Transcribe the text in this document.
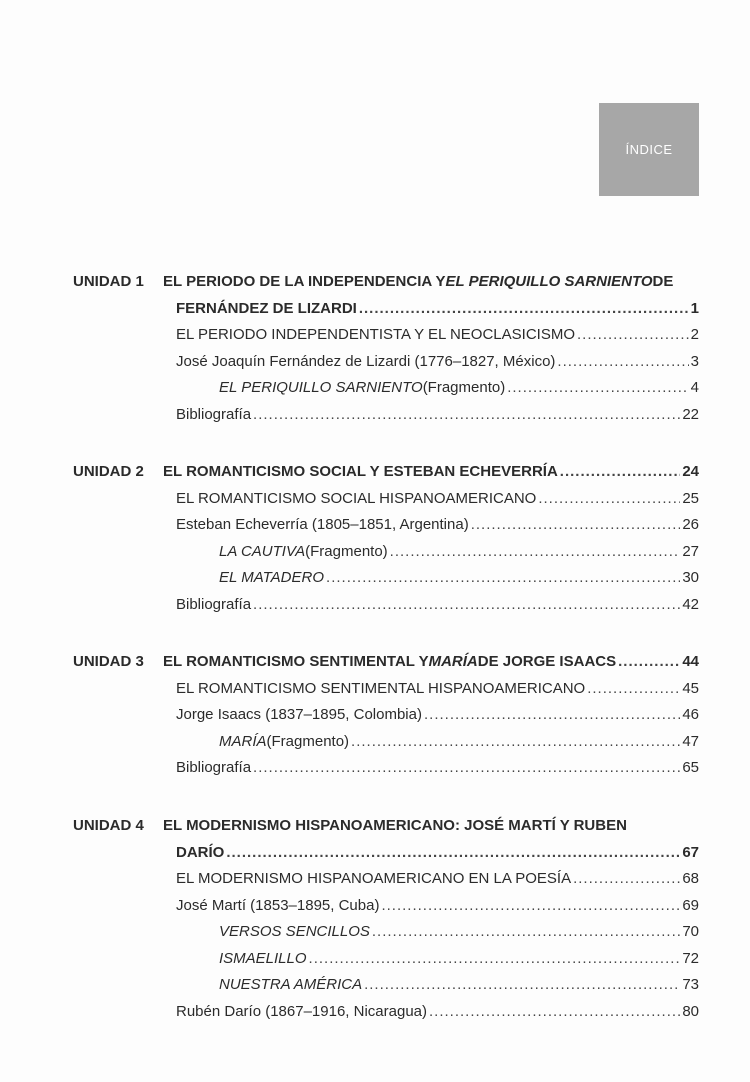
ÍNDICE
UNIDAD 1 EL PERIODO DE LA INDEPENDENCIA Y EL PERIQUILLO SARNIENTO DE
FERNÁNDEZ DE LIZARDI .....	1
EL PERIODO INDEPENDENTISTA Y EL NEOCLASICISMO .....	2
José Joaquín Fernández de Lizardi (1776–1827, México) .....	3
EL PERIQUILLO SARNIENTO (Fragmento) .....	4
Bibliografía .....	22
UNIDAD 2 EL ROMANTICISMO SOCIAL Y ESTEBAN ECHEVERRÍA .....	24
EL ROMANTICISMO SOCIAL HISPANOAMERICANO .....	25
Esteban Echeverría (1805–1851, Argentina) .....	26
LA CAUTIVA (Fragmento) .....	27
EL MATADERO .....	30
Bibliografía .....	42
UNIDAD 3 EL ROMANTICISMO SENTIMENTAL Y MARÍA DE JORGE ISAACS .....	44
EL ROMANTICISMO SENTIMENTAL HISPANOAMERICANO .....	45
Jorge Isaacs (1837–1895, Colombia) .....	46
MARÍA (Fragmento) .....	47
Bibliografía .....	65
UNIDAD 4 EL MODERNISMO HISPANOAMERICANO: JOSÉ MARTÍ Y RUBEN
DARÍO .....	67
EL MODERNISMO HISPANOAMERICANO EN LA POESÍA .....	68
José Martí (1853–1895, Cuba) .....	69
VERSOS SENCILLOS .....	70
ISMAELILLO .....	72
NUESTRA AMÉRICA .....	73
Rubén Darío (1867–1916, Nicaragua) .....	80
